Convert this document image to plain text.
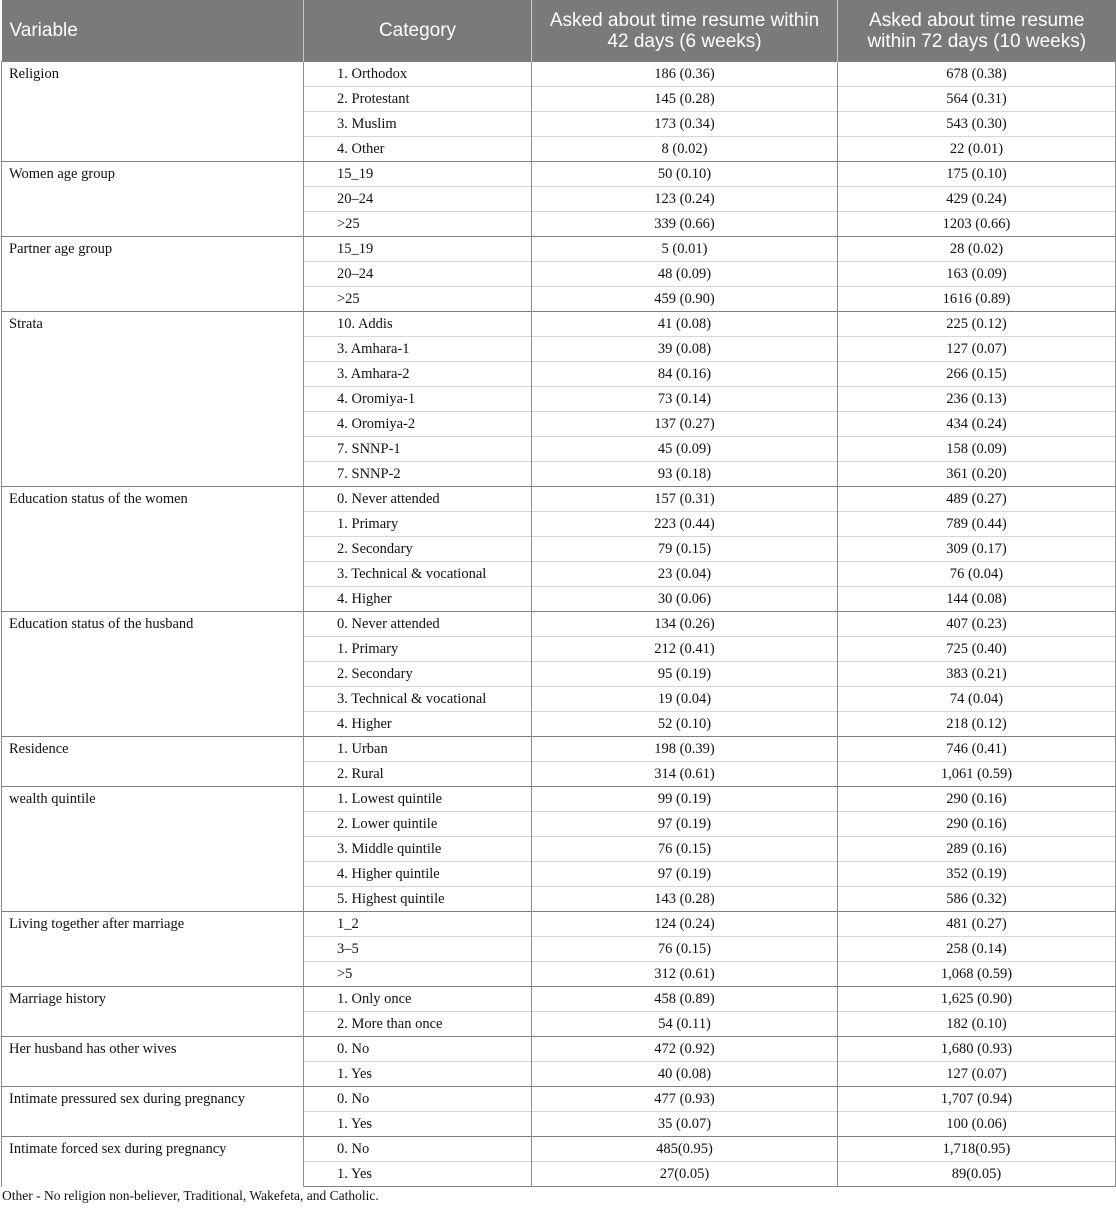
Variable	Category	Asked about time resume within 42 days (6 weeks)	Asked about time resume within 72 days (10 weeks)
Religion	1. Orthodox	186 (0.36)	678 (0.38)
	2. Protestant	145 (0.28)	564 (0.31)
	3. Muslim	173 (0.34)	543 (0.30)
	4. Other	8 (0.02)	22 (0.01)
Women age group	15_19	50 (0.10)	175 (0.10)
	20–24	123 (0.24)	429 (0.24)
	>25	339 (0.66)	1203 (0.66)
Partner age group	15_19	5 (0.01)	28 (0.02)
	20–24	48 (0.09)	163 (0.09)
	>25	459 (0.90)	1616 (0.89)
Strata	10. Addis	41 (0.08)	225 (0.12)
	3. Amhara-1	39 (0.08)	127 (0.07)
	3. Amhara-2	84 (0.16)	266 (0.15)
	4. Oromiya-1	73 (0.14)	236 (0.13)
	4. Oromiya-2	137 (0.27)	434 (0.24)
	7. SNNP-1	45 (0.09)	158 (0.09)
	7. SNNP-2	93 (0.18)	361 (0.20)
Education status of the women	0. Never attended	157 (0.31)	489 (0.27)
	1. Primary	223 (0.44)	789 (0.44)
	2. Secondary	79 (0.15)	309 (0.17)
	3. Technical & vocational	23 (0.04)	76 (0.04)
	4. Higher	30 (0.06)	144 (0.08)
Education status of the husband	0. Never attended	134 (0.26)	407 (0.23)
	1. Primary	212 (0.41)	725 (0.40)
	2. Secondary	95 (0.19)	383 (0.21)
	3. Technical & vocational	19 (0.04)	74 (0.04)
	4. Higher	52 (0.10)	218 (0.12)
Residence	1. Urban	198 (0.39)	746 (0.41)
	2. Rural	314 (0.61)	1,061 (0.59)
wealth quintile	1. Lowest quintile	99 (0.19)	290 (0.16)
	2. Lower quintile	97 (0.19)	290 (0.16)
	3. Middle quintile	76 (0.15)	289 (0.16)
	4. Higher quintile	97 (0.19)	352 (0.19)
	5. Highest quintile	143 (0.28)	586 (0.32)
Living together after marriage	1_2	124 (0.24)	481 (0.27)
	3–5	76 (0.15)	258 (0.14)
	>5	312 (0.61)	1,068 (0.59)
Marriage history	1. Only once	458 (0.89)	1,625 (0.90)
	2. More than once	54 (0.11)	182 (0.10)
Her husband has other wives	0. No	472 (0.92)	1,680 (0.93)
	1. Yes	40 (0.08)	127 (0.07)
Intimate pressured sex during pregnancy	0. No	477 (0.93)	1,707 (0.94)
	1. Yes	35 (0.07)	100 (0.06)
Intimate forced sex during pregnancy	0. No	485(0.95)	1,718(0.95)
	1. Yes	27(0.05)	89(0.05)
Other - No religion non-believer, Traditional, Wakefeta, and Catholic.
